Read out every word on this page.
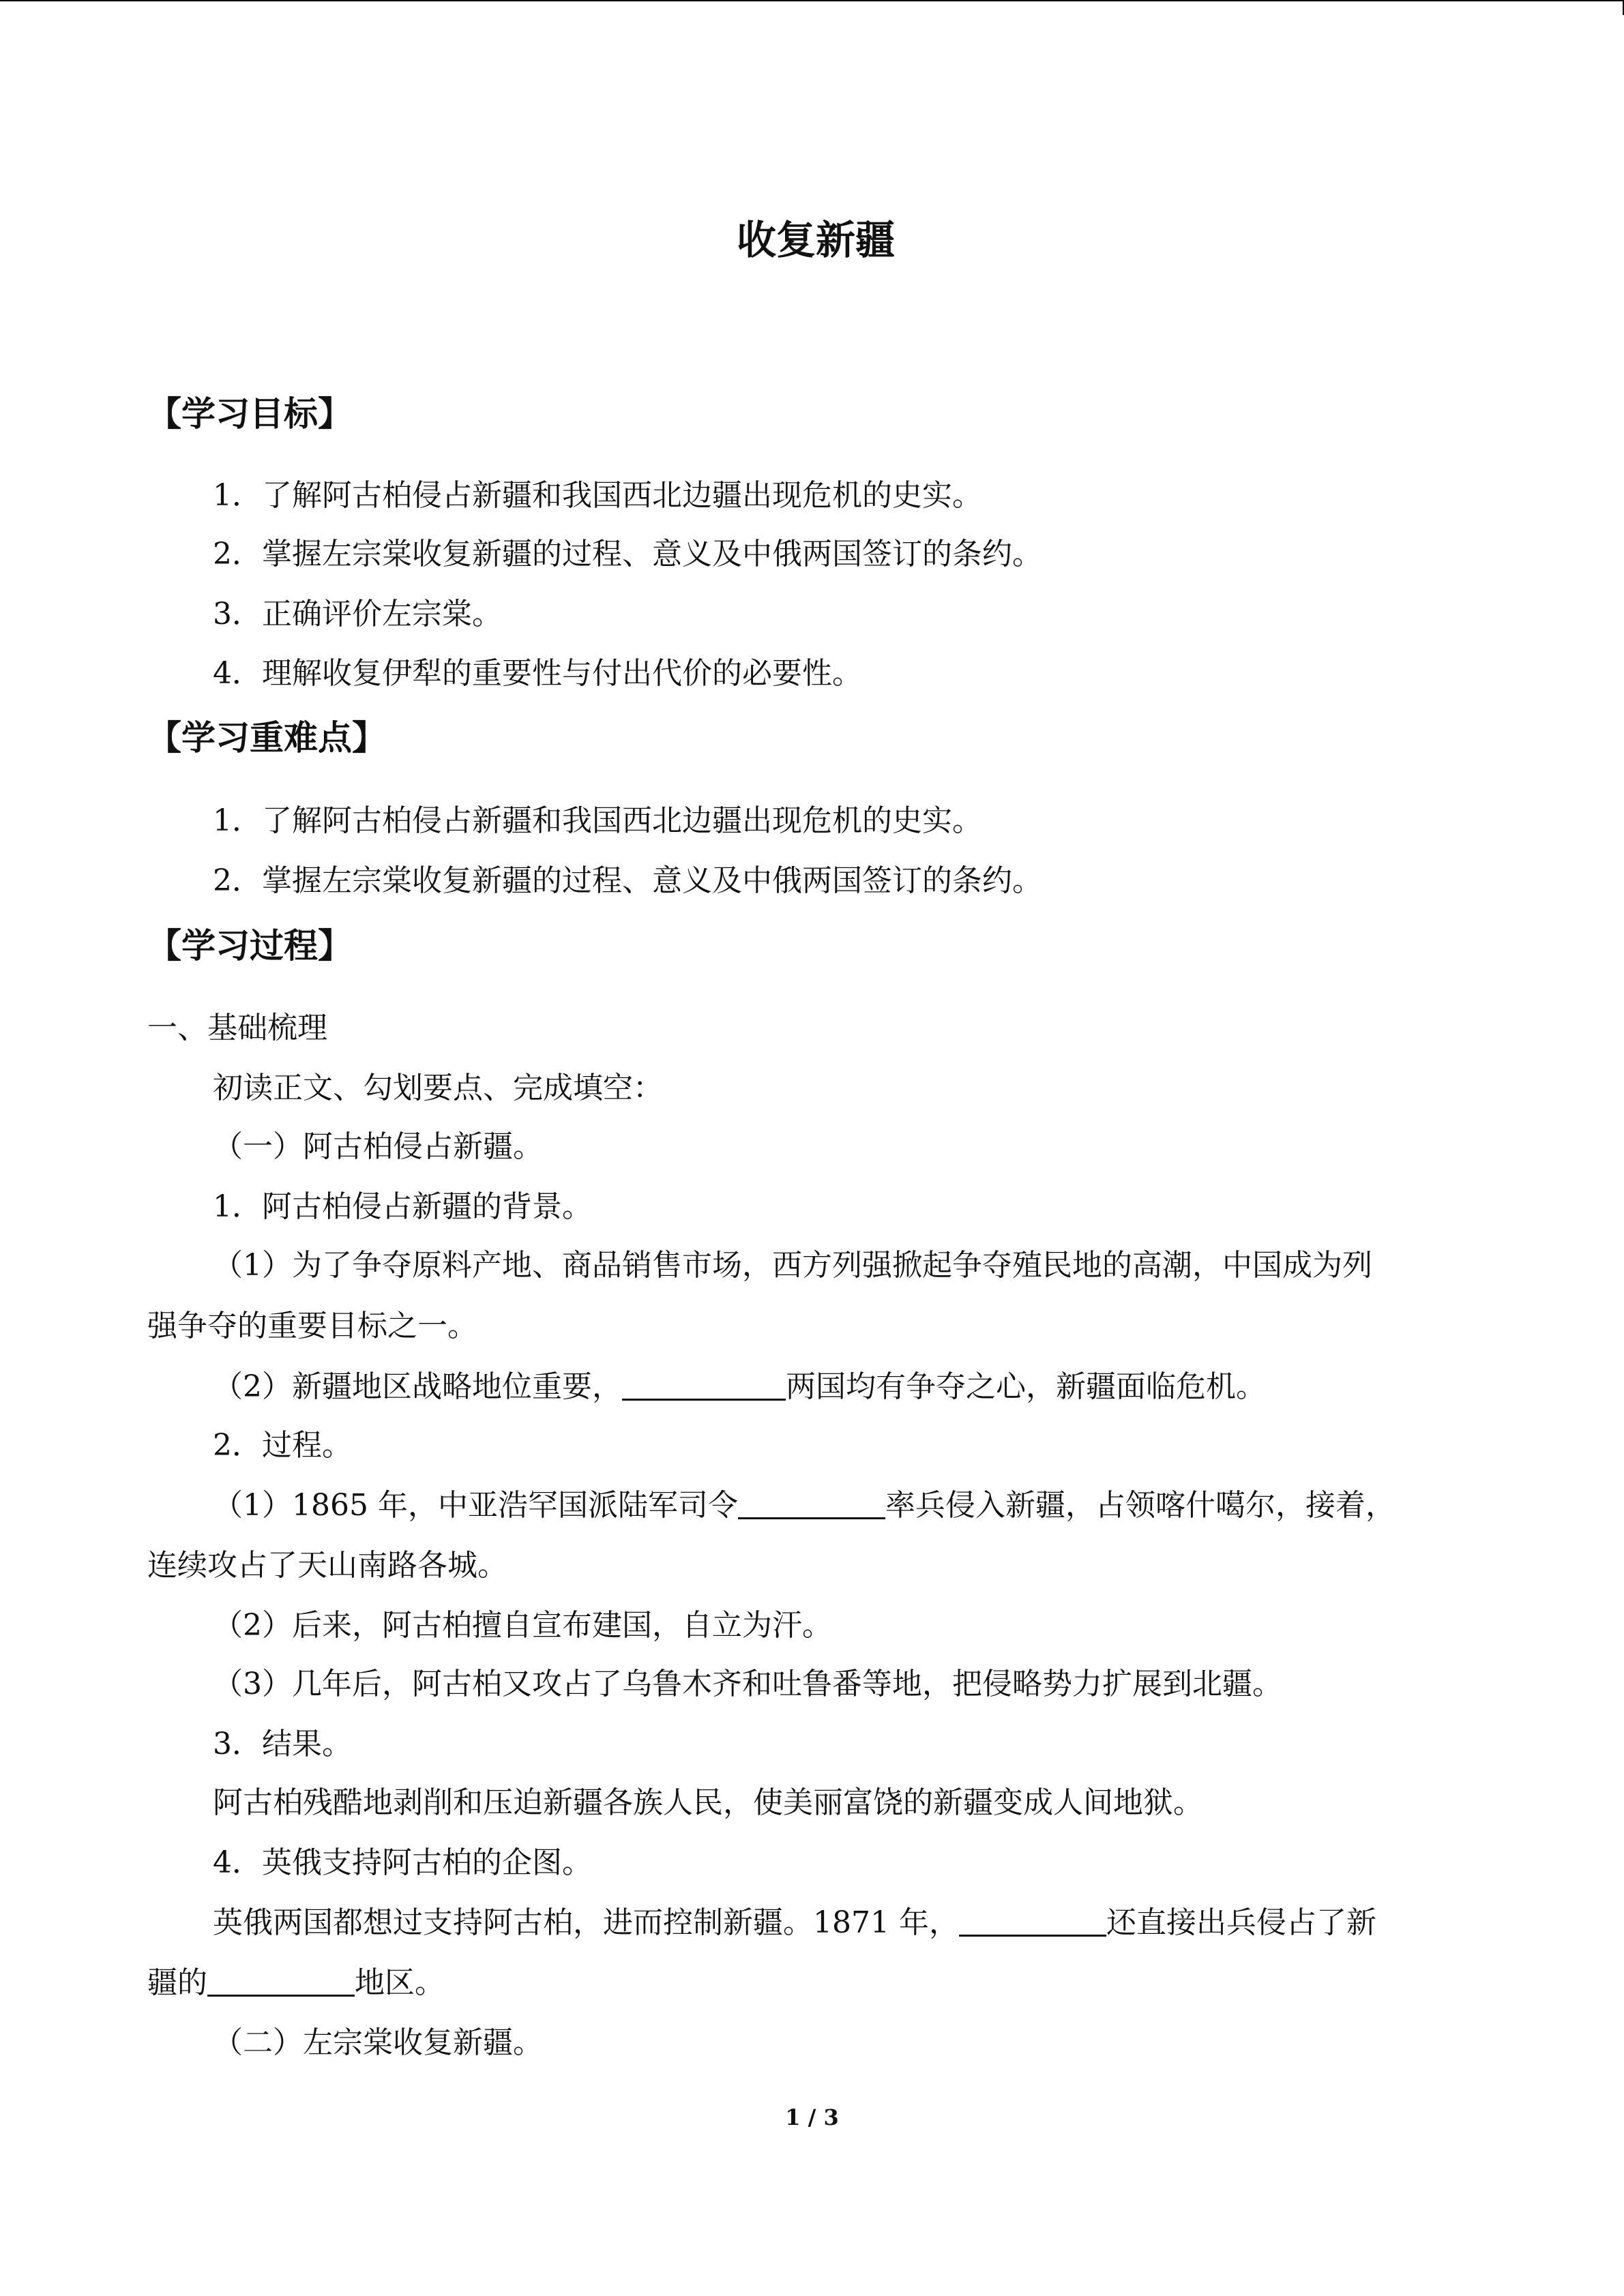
收复新疆
【学习目标】
1．了解阿古柏侵占新疆和我国西北边疆出现危机的史实。
2．掌握左宗棠收复新疆的过程、意义及中俄两国签订的条约。
3．正确评价左宗棠。
4．理解收复伊犁的重要性与付出代价的必要性。
【学习重难点】
1．了解阿古柏侵占新疆和我国西北边疆出现危机的史实。
2．掌握左宗棠收复新疆的过程、意义及中俄两国签订的条约。
【学习过程】
一、基础梳理
初读正文、勾划要点、完成填空：
（一）阿古柏侵占新疆。
1．阿古柏侵占新疆的背景。
（1）为了争夺原料产地、商品销售市场，西方列强掀起争夺殖民地的高潮，中国成为列
强争夺的重要目标之一。
（2）新疆地区战略地位重要，	两国均有争夺之心，新疆面临危机。
2．过程。
（1）1865 年，中亚浩罕国派陆军司令	率兵侵入新疆，占领喀什噶尔，接着，
连续攻占了天山南路各城。
（2）后来，阿古柏擅自宣布建国，自立为汗。
（3）几年后，阿古柏又攻占了乌鲁木齐和吐鲁番等地，把侵略势力扩展到北疆。
3．结果。
阿古柏残酷地剥削和压迫新疆各族人民，使美丽富饶的新疆变成人间地狱。
4．英俄支持阿古柏的企图。
英俄两国都想过支持阿古柏，进而控制新疆。1871 年，	还直接出兵侵占了新
疆的	地区。
（二）左宗棠收复新疆。
1 / 3
